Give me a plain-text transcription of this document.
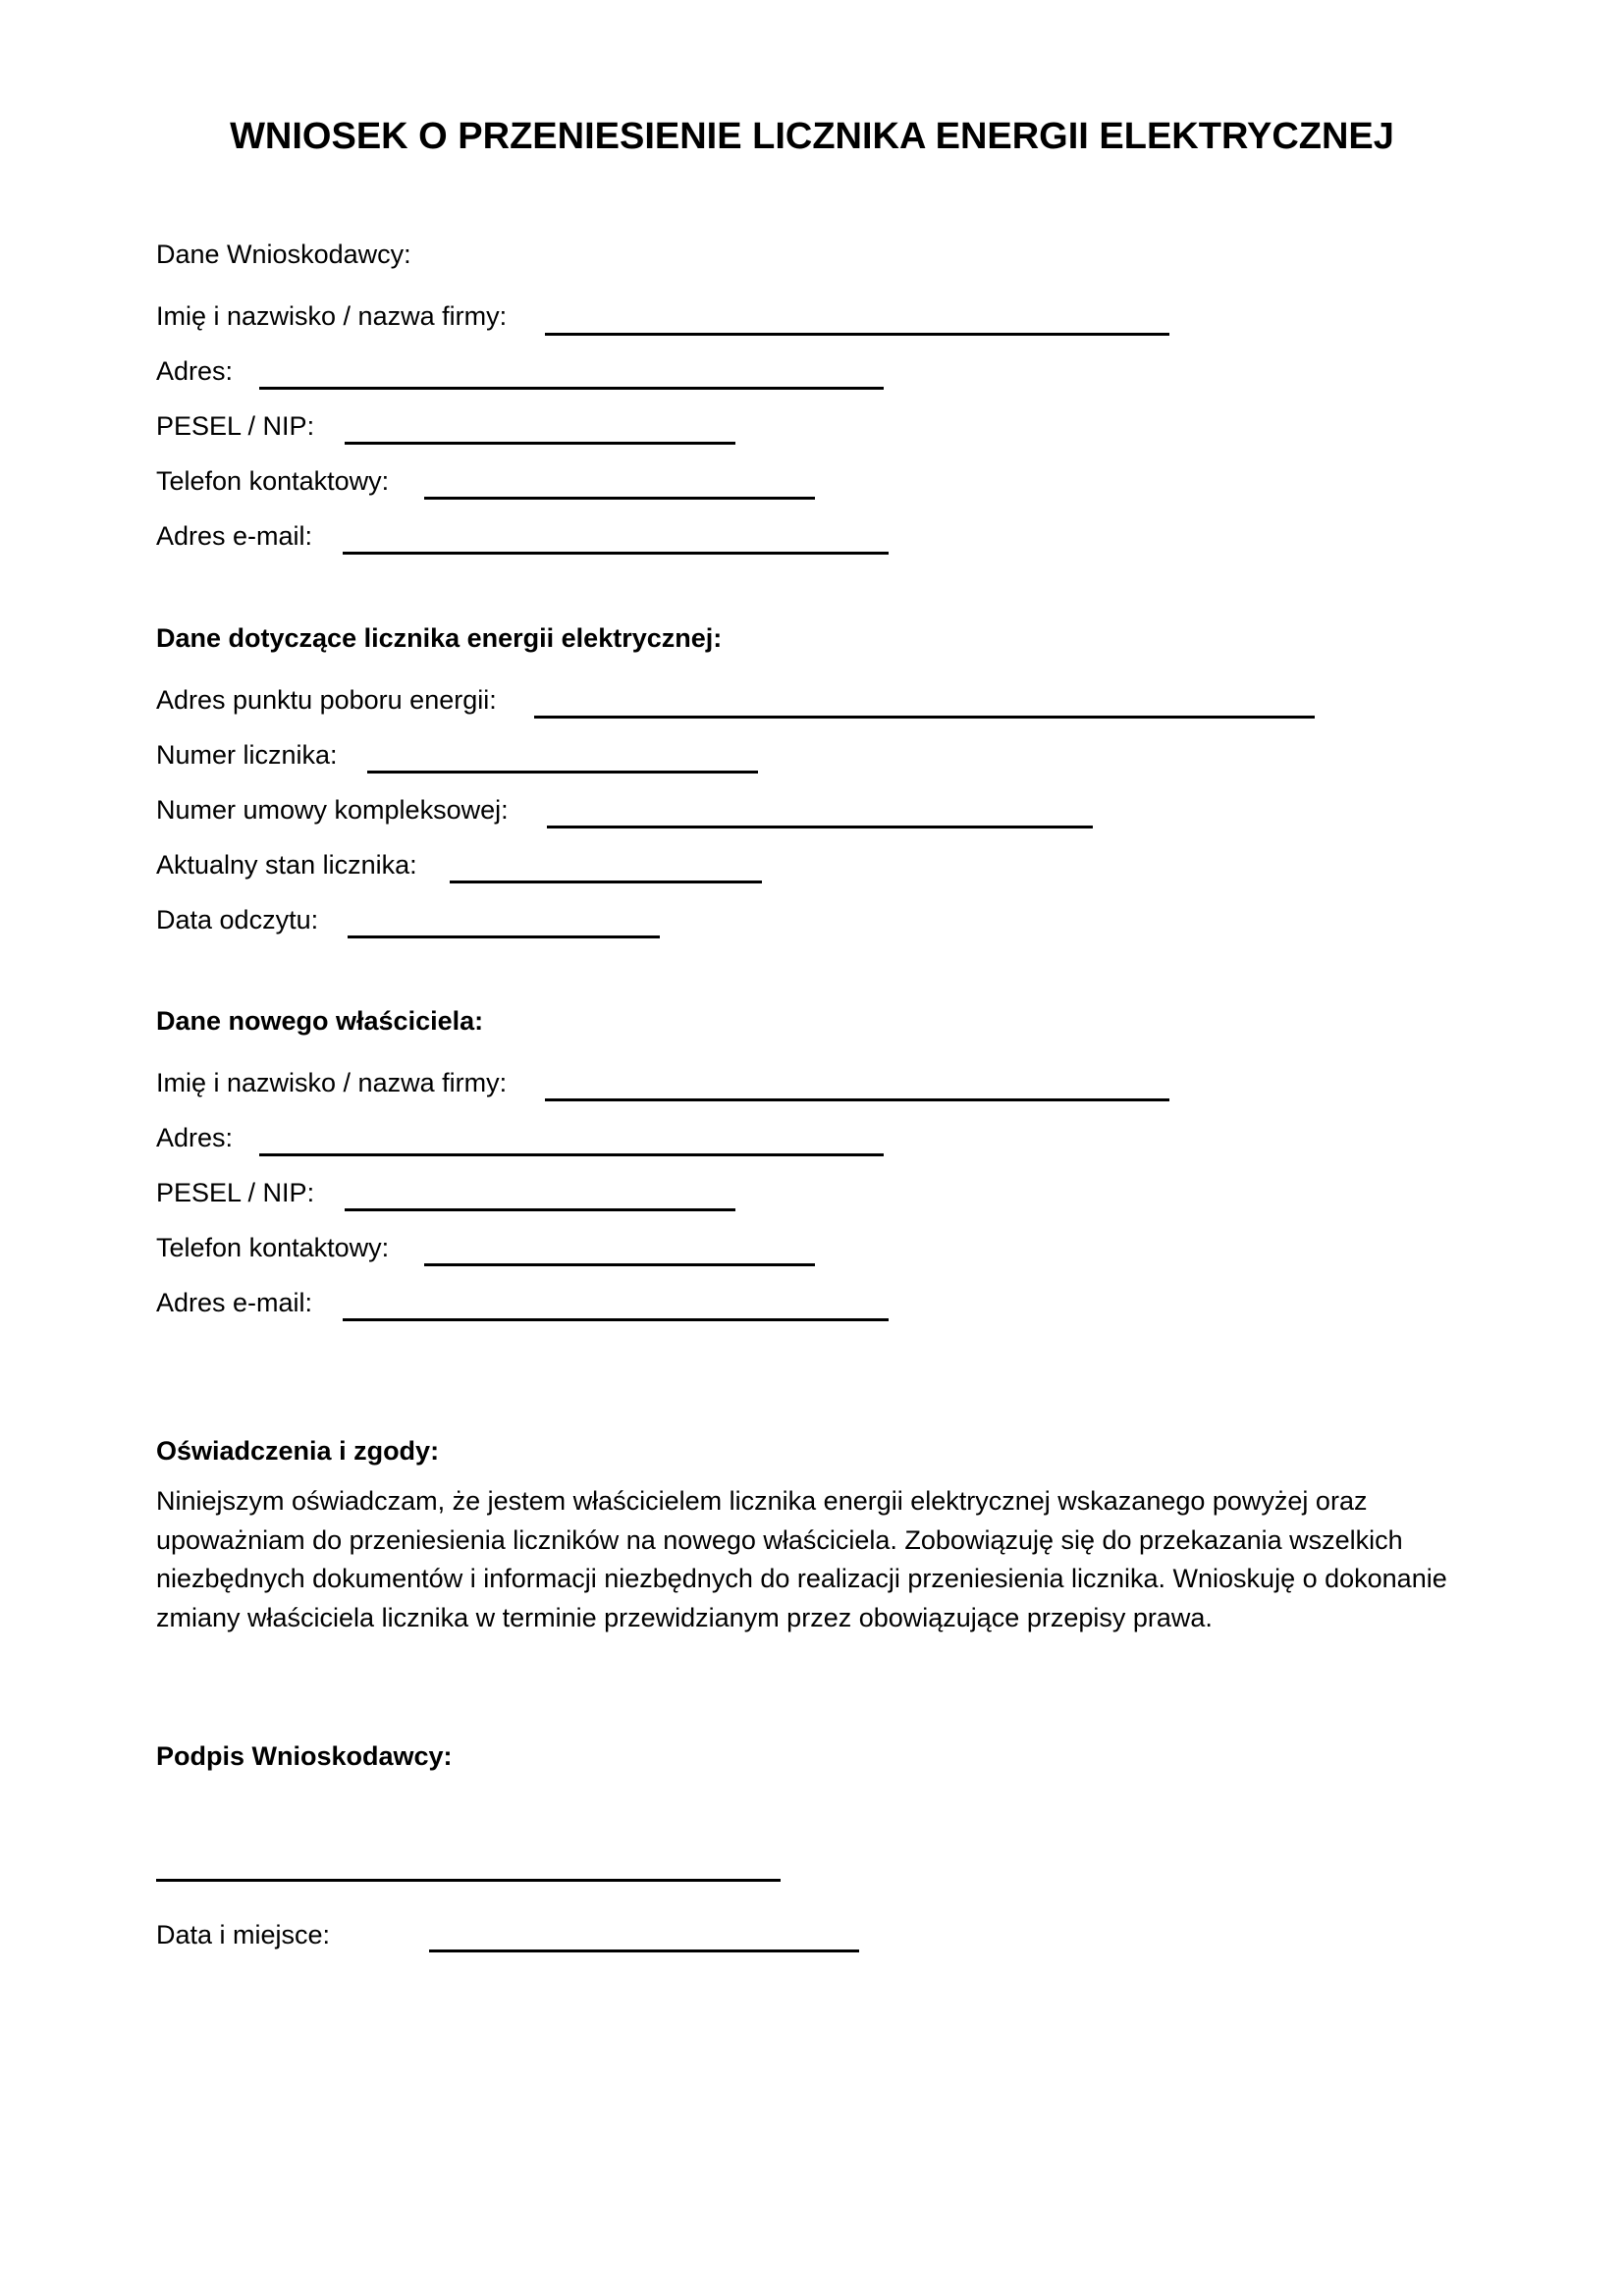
WNIOSEK O PRZENIESIENIE LICZNIKA ENERGII ELEKTRYCZNEJ
Dane Wnioskodawcy:
Imię i nazwisko / nazwa firmy:
Adres:
PESEL / NIP:
Telefon kontaktowy:
Adres e-mail:
Dane dotyczące licznika energii elektrycznej:
Adres punktu poboru energii:
Numer licznika:
Numer umowy kompleksowej:
Aktualny stan licznika:
Data odczytu:
Dane nowego właściciela:
Imię i nazwisko / nazwa firmy:
Adres:
PESEL / NIP:
Telefon kontaktowy:
Adres e-mail:
Oświadczenia i zgody:
Niniejszym oświadczam, że jestem właścicielem licznika energii elektrycznej wskazanego powyżej oraz upoważniam do przeniesienia liczników na nowego właściciela. Zobowiązuję się do przekazania wszelkich niezbędnych dokumentów i informacji niezbędnych do realizacji przeniesienia licznika. Wnioskuję o dokonanie zmiany właściciela licznika w terminie przewidzianym przez obowiązujące przepisy prawa.
Podpis Wnioskodawcy:
Data i miejsce:
